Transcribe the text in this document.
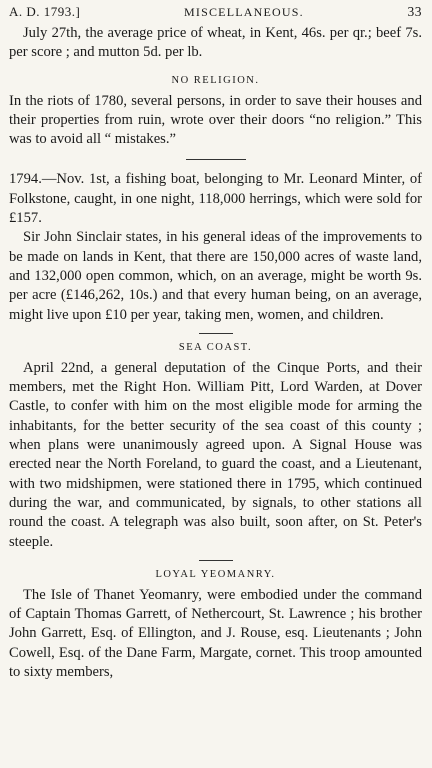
A. D. 1793.]	MISCELLANEOUS.	33

July 27th, the average price of wheat, in Kent, 46s. per qr.; beef 7s. per score ; and mutton 5d. per lb.

NO RELIGION.

In the riots of 1780, several persons, in order to save their houses and their properties from ruin, wrote over their doors “no religion.” This was to avoid all “ mistakes.”

1794.—Nov. 1st, a fishing boat, belonging to Mr. Leonard Minter, of Folkstone, caught, in one night, 118,000 herrings, which were sold for £157.

Sir John Sinclair states, in his general ideas of the improvements to be made on lands in Kent, that there are 150,000 acres of waste land, and 132,000 open common, which, on an average, might be worth 9s. per acre (£146,262, 10s.) and that every human being, on an average, might live upon £10 per year, taking men, women, and children.

SEA COAST.

April 22nd, a general deputation of the Cinque Ports, and their members, met the Right Hon. William Pitt, Lord Warden, at Dover Castle, to confer with him on the most eligible mode for arming the inhabitants, for the better security of the sea coast of this county ; when plans were unanimously agreed upon. A Signal House was erected near the North Foreland, to guard the coast, and a Lieutenant, with two midshipmen, were stationed there in 1795, which continued during the war, and communicated, by signals, to other stations all round the coast. A telegraph was also built, soon after, on St. Peter's steeple.

LOYAL YEOMANRY.

The Isle of Thanet Yeomanry, were embodied under the command of Captain Thomas Garrett, of Nethercourt, St. Lawrence ; his brother John Garrett, Esq. of Ellington, and J. Rouse, esq. Lieutenants ; John Cowell, Esq. of the Dane Farm, Margate, cornet. This troop amounted to sixty members,
